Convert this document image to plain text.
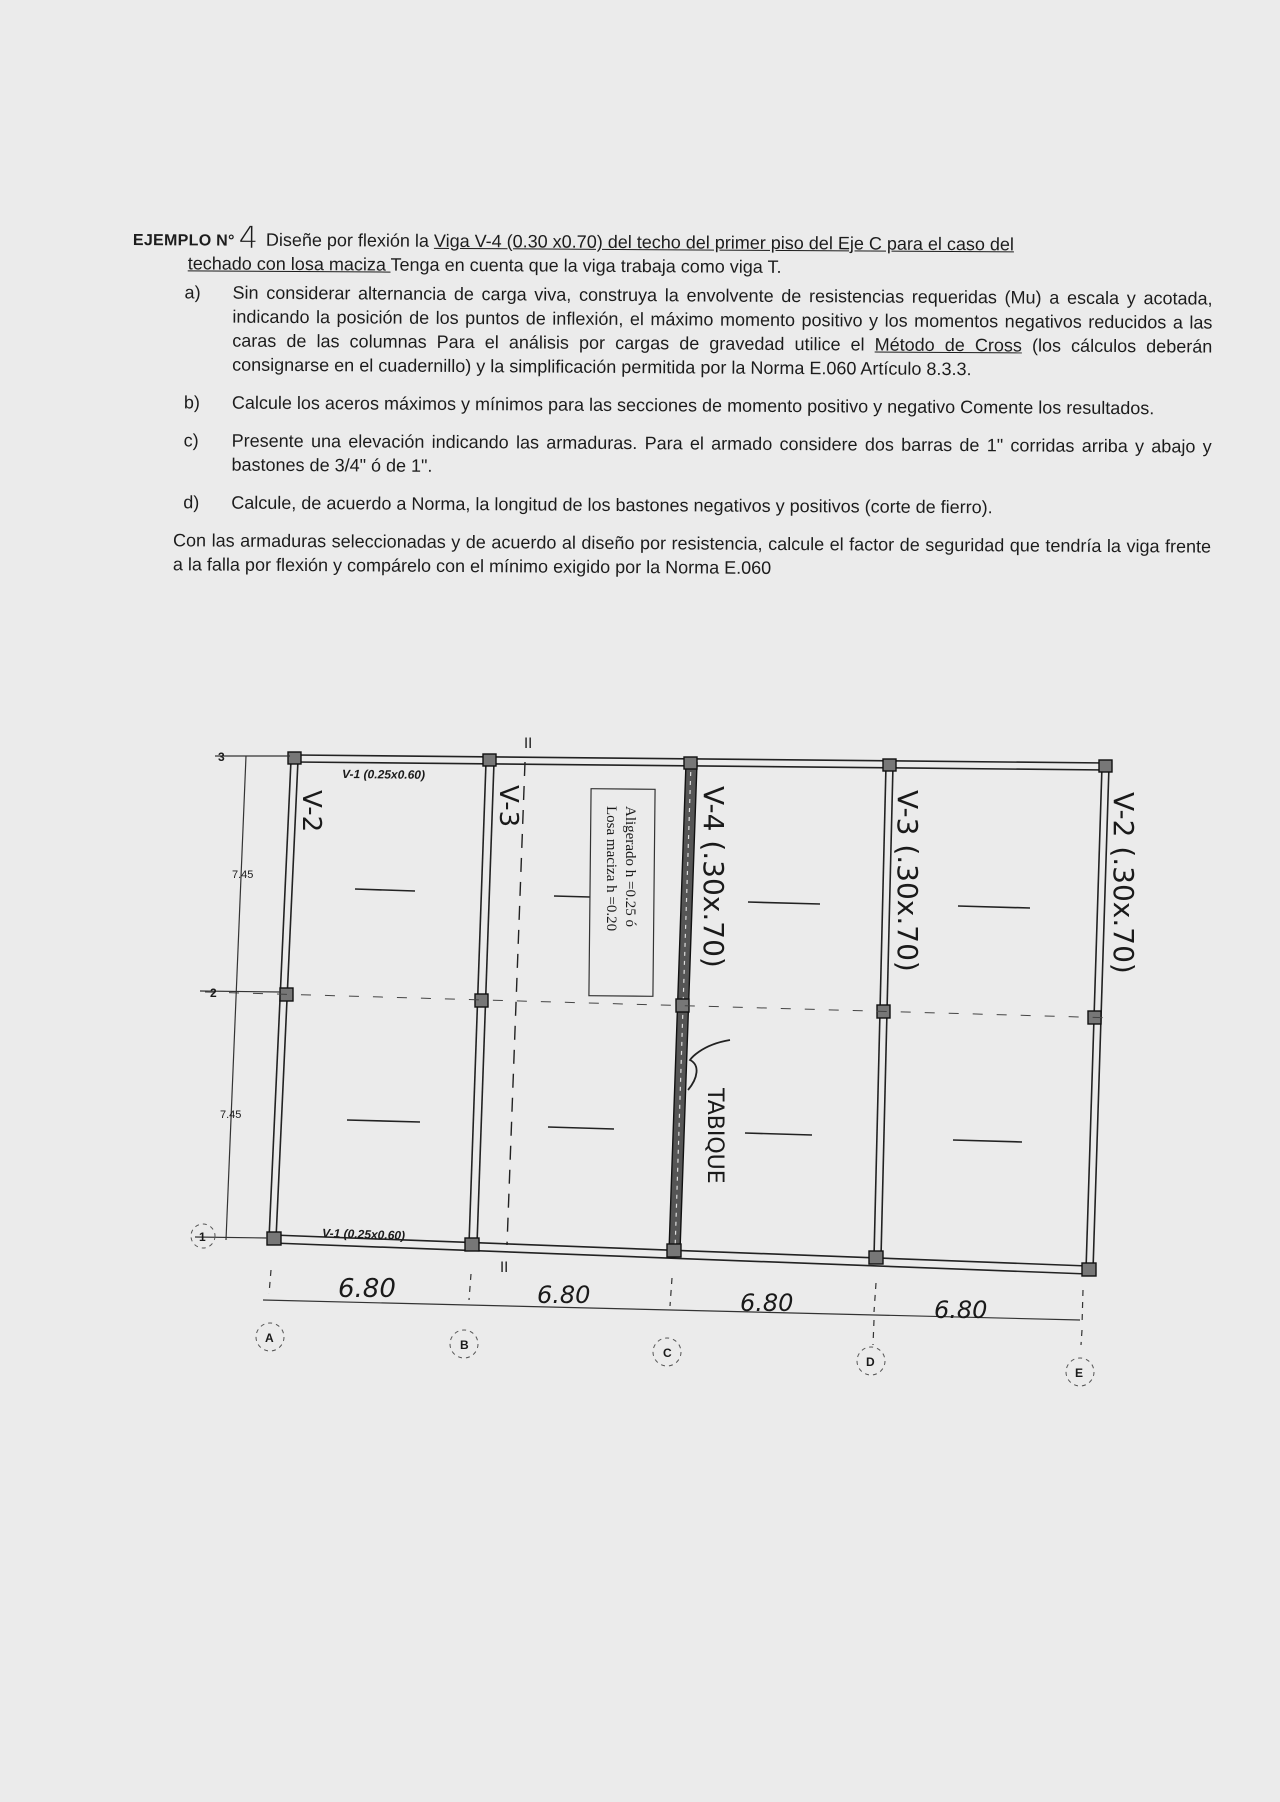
EJEMPLO N° 4 Diseñe por flexión la Viga V-4 (0.30 x0.70) del techo del primer piso del Eje C para el caso del
techado con losa maciza Tenga en cuenta que la viga trabaja como viga T.
a)	Sin considerar alternancia de carga viva, construya la envolvente de resistencias requeridas (Mu) a escala y acotada, indicando la posición de los puntos de inflexión, el máximo momento positivo y los momentos negativos reducidos a las caras de las columnas Para el análisis por cargas de gravedad utilice el Método de Cross (los cálculos deberán consignarse en el cuadernillo) y la simplificación permitida por la Norma E.060 Artículo 8.3.3.
b)	Calcule los aceros máximos y mínimos para las secciones de momento positivo y negativo Comente los resultados.
c)	Presente una elevación indicando las armaduras. Para el armado considere dos barras de 1" corridas arriba y abajo y bastones de 3/4" ó de 1".
d)	Calcule, de acuerdo a Norma, la longitud de los bastones negativos y positivos (corte de fierro).
Con las armaduras seleccionadas y de acuerdo al diseño por resistencia, calcule el factor de seguridad que tendría la viga frente a la falla por flexión y compárelo con el mínimo exigido por la Norma E.060
II
II
V-1 (0.25x0.60)
V-1 (0.25x0.60)
V-2	V-3	V-4 (.30x.70)	V-3 (.30x.70)	V-2 (.30x.70)
Aligerado h =0.25 ó
Losa maciza h =0.20
TABIQUE
7.45
7.45
3
2
1
6.80	6.80	6.80	6.80
A	B
C
D
E
